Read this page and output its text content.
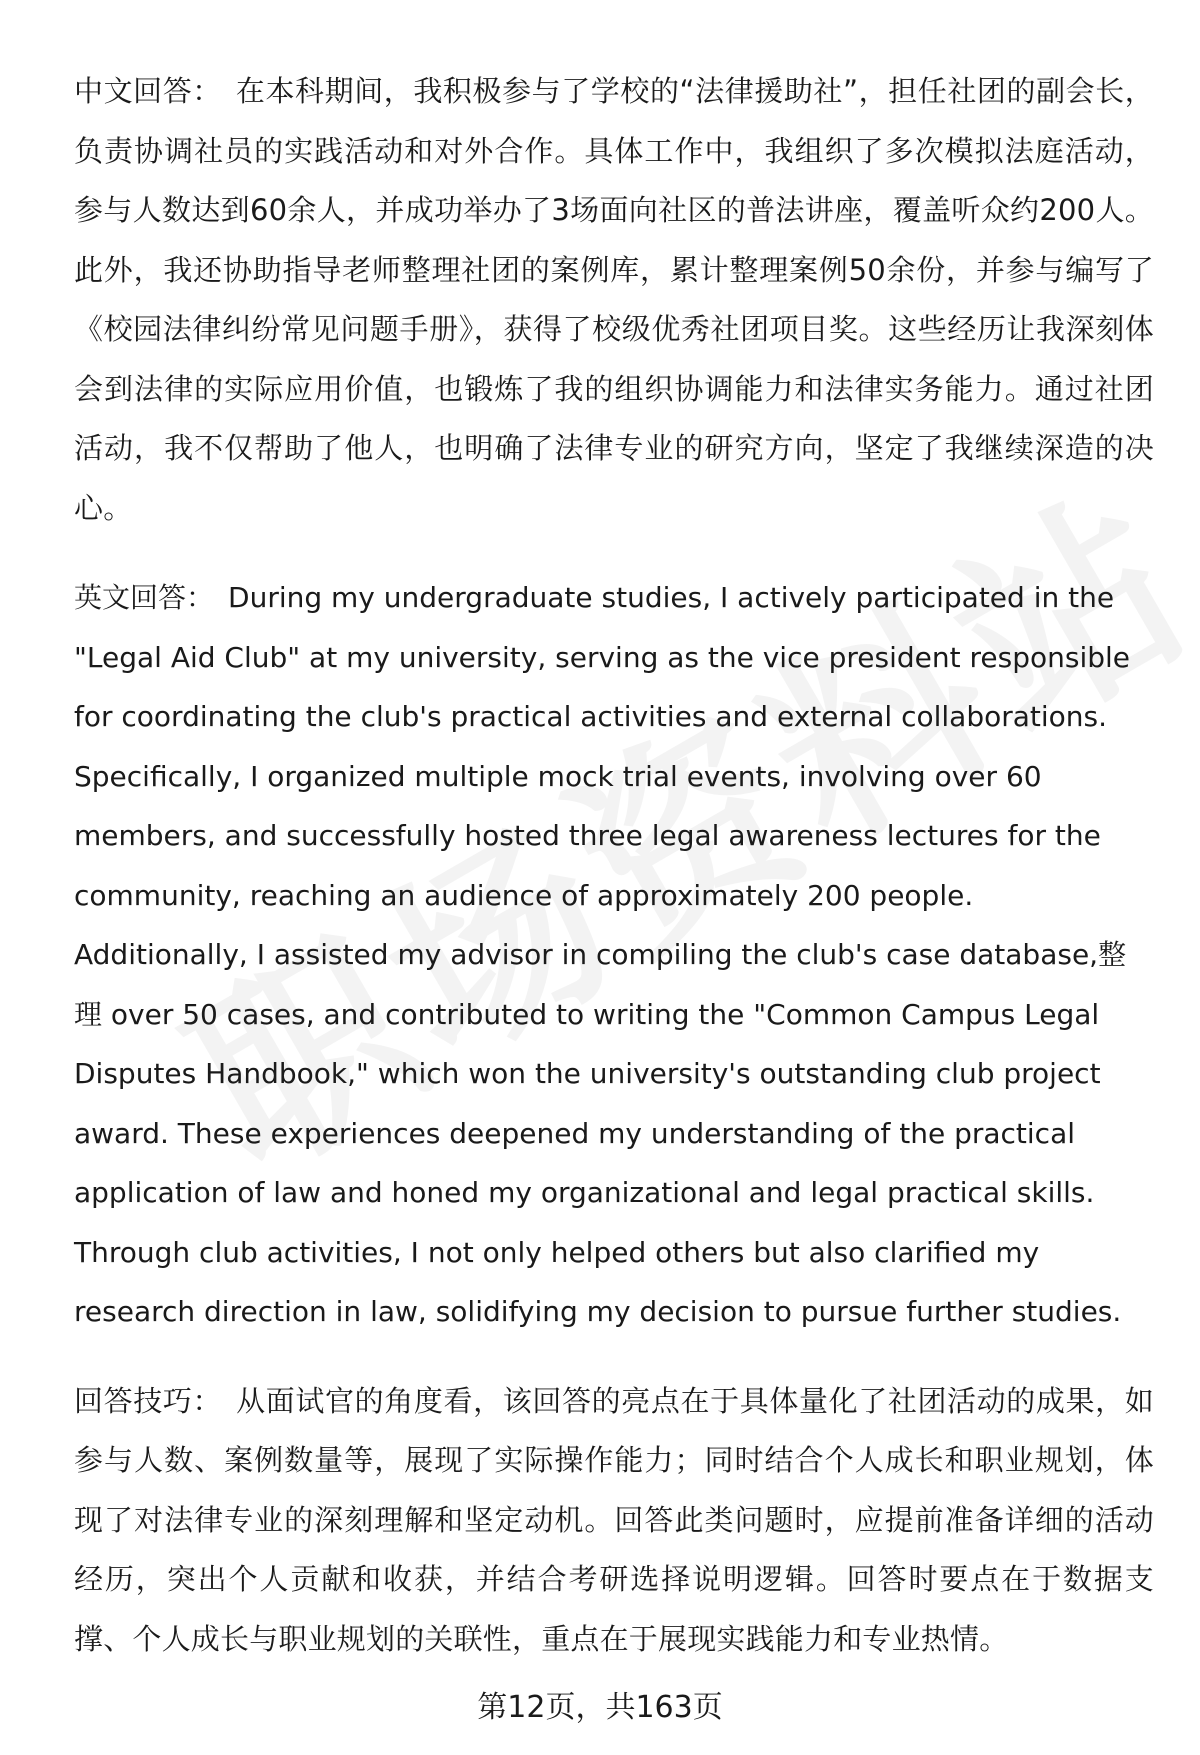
中文回答： 在本科期间，我积极参与了学校的“法律援助社”，担任社团的副会长，负责协调社员的实践活动和对外合作。具体工作中，我组织了多次模拟法庭活动，参与人数达到60余人，并成功举办了3场面向社区的普法讲座，覆盖听众约200人。此外，我还协助指导老师整理社团的案例库，累计整理案例50余份，并参与编写了《校园法律纠纷常见问题手册》，获得了校级优秀社团项目奖。这些经历让我深刻体会到法律的实际应用价值，也锻炼了我的组织协调能力和法律实务能力。通过社团活动，我不仅帮助了他人，也明确了法律专业的研究方向，坚定了我继续深造的决心。

英文回答： During my undergraduate studies, I actively participated in the "Legal Aid Club" at my university, serving as the vice president responsible for coordinating the club's practical activities and external collaborations. Specifically, I organized multiple mock trial events, involving over 60 members, and successfully hosted three legal awareness lectures for the community, reaching an audience of approximately 200 people. Additionally, I assisted my advisor in compiling the club's case database,整理 over 50 cases, and contributed to writing the "Common Campus Legal Disputes Handbook," which won the university's outstanding club project award. These experiences deepened my understanding of the practical application of law and honed my organizational and legal practical skills. Through club activities, I not only helped others but also clarified my research direction in law, solidifying my decision to pursue further studies.

回答技巧： 从面试官的角度看，该回答的亮点在于具体量化了社团活动的成果，如参与人数、案例数量等，展现了实际操作能力；同时结合个人成长和职业规划，体现了对法律专业的深刻理解和坚定动机。回答此类问题时，应提前准备详细的活动经历，突出个人贡献和收获，并结合考研选择说明逻辑。回答时要点在于数据支撑、个人成长与职业规划的关联性，重点在于展现实践能力和专业热情。

第12页，共163页
